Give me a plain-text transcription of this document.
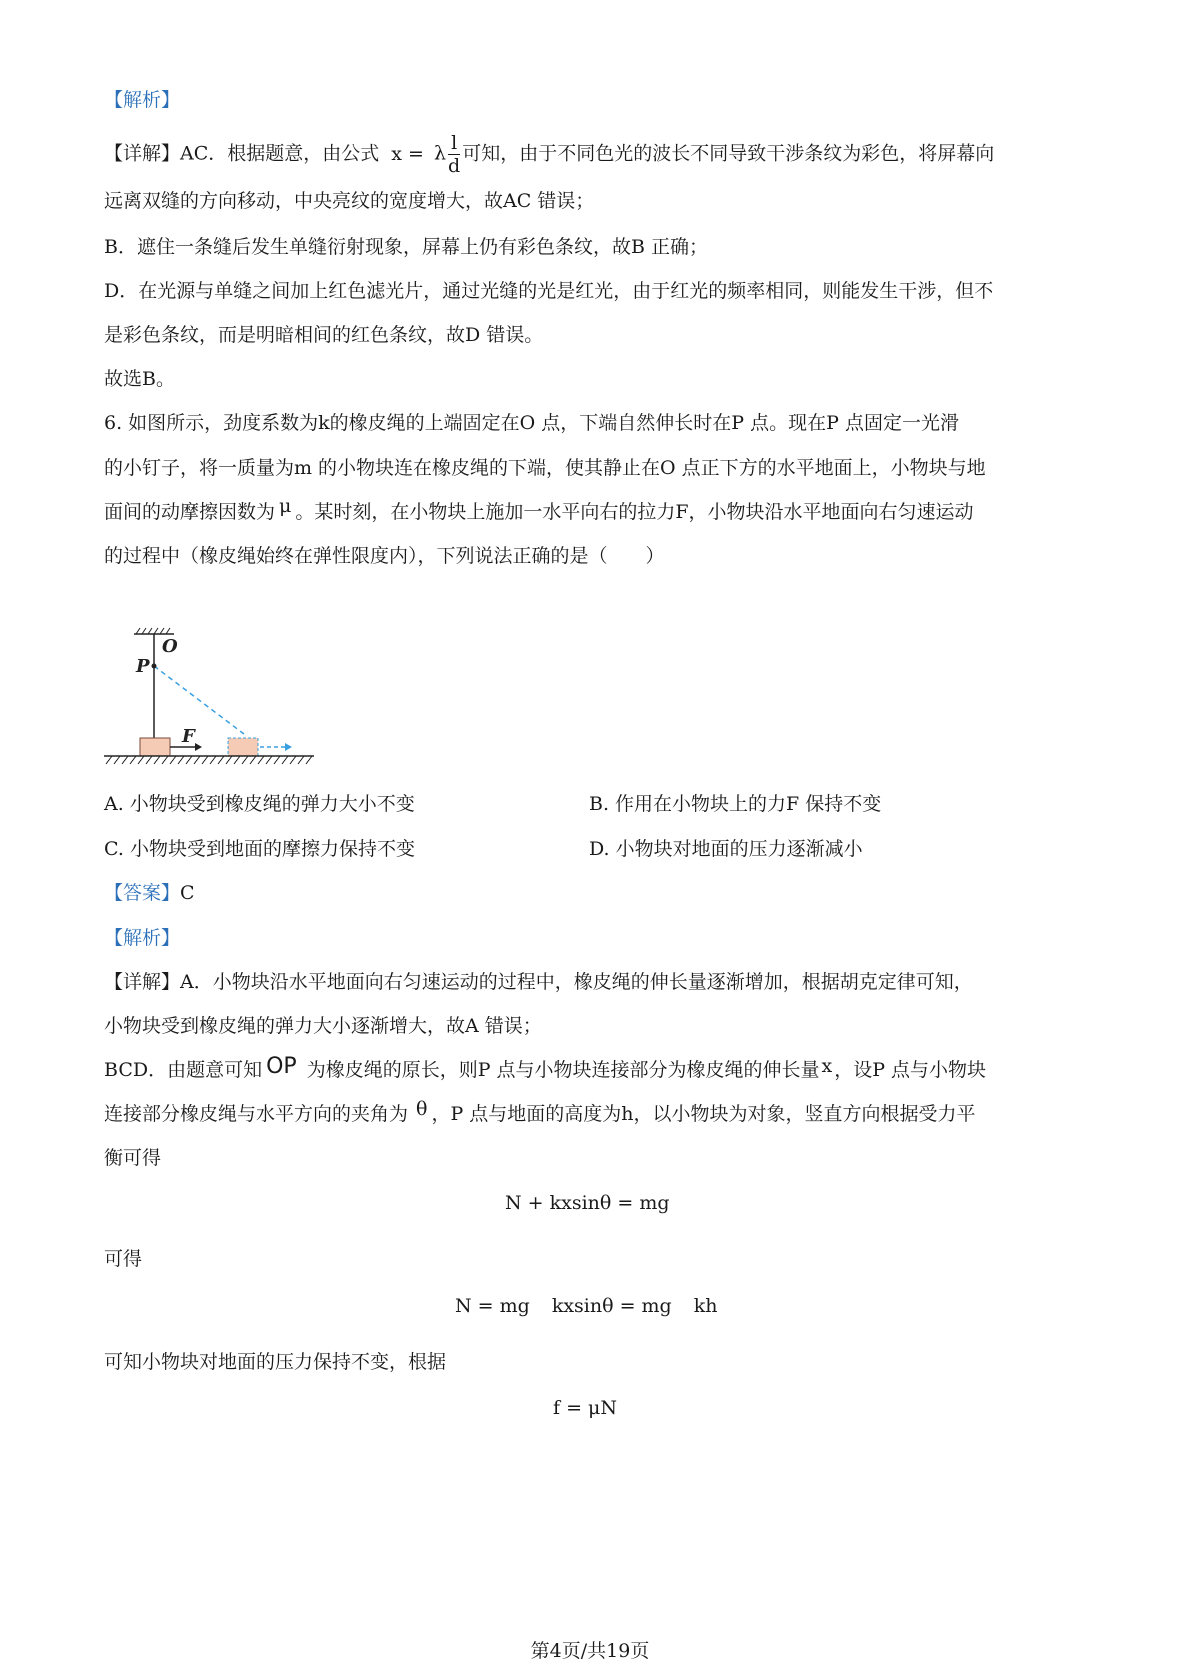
【解析】
【详解】AC．根据题意，由公式 x = λ $\frac{l}{d}$ 可知，由于不同色光的波长不同导致干涉条纹为彩色，将屏幕向
远离双缝的方向移动，中央亮纹的宽度增大，故AC 错误；
B．遮住一条缝后发生单缝衍射现象，屏幕上仍有彩色条纹，故B 正确；
D．在光源与单缝之间加上红色滤光片，通过光缝的光是红光，由于红光的频率相同，则能发生干涉，但不
是彩色条纹，而是明暗相间的红色条纹，故D 错误。
故选B。
6. 如图所示，劲度系数为k的橡皮绳的上端固定在O 点，下端自然伸长时在P 点。现在P 点固定一光滑
的小钉子，将一质量为m 的小物块连在橡皮绳的下端，使其静止在O 点正下方的水平地面上，小物块与地
面间的动摩擦因数为 μ 。某时刻，在小物块上施加一水平向右的拉力F，小物块沿水平地面向右匀速运动
的过程中（橡皮绳始终在弹性限度内），下列说法正确的是（　　）
O
P
F
A. 小物块受到橡皮绳的弹力大小不变	B. 作用在小物块上的力F 保持不变
C. 小物块受到地面的摩擦力保持不变	D. 小物块对地面的压力逐渐减小
【答案】C
【解析】
【详解】A．小物块沿水平地面向右匀速运动的过程中，橡皮绳的伸长量逐渐增加，根据胡克定律可知，
小物块受到橡皮绳的弹力大小逐渐增大，故A 错误；
BCD．由题意可知 OP 为橡皮绳的原长，则P 点与小物块连接部分为橡皮绳的伸长量 x ，设P 点与小物块
连接部分橡皮绳与水平方向的夹角为 θ ，P 点与地面的高度为h，以小物块为对象，竖直方向根据受力平
衡可得
N + kxsinθ = mg
可得
N = mg kxsinθ = mg kh
可知小物块对地面的压力保持不变，根据
f = μN
第4页/共19页
